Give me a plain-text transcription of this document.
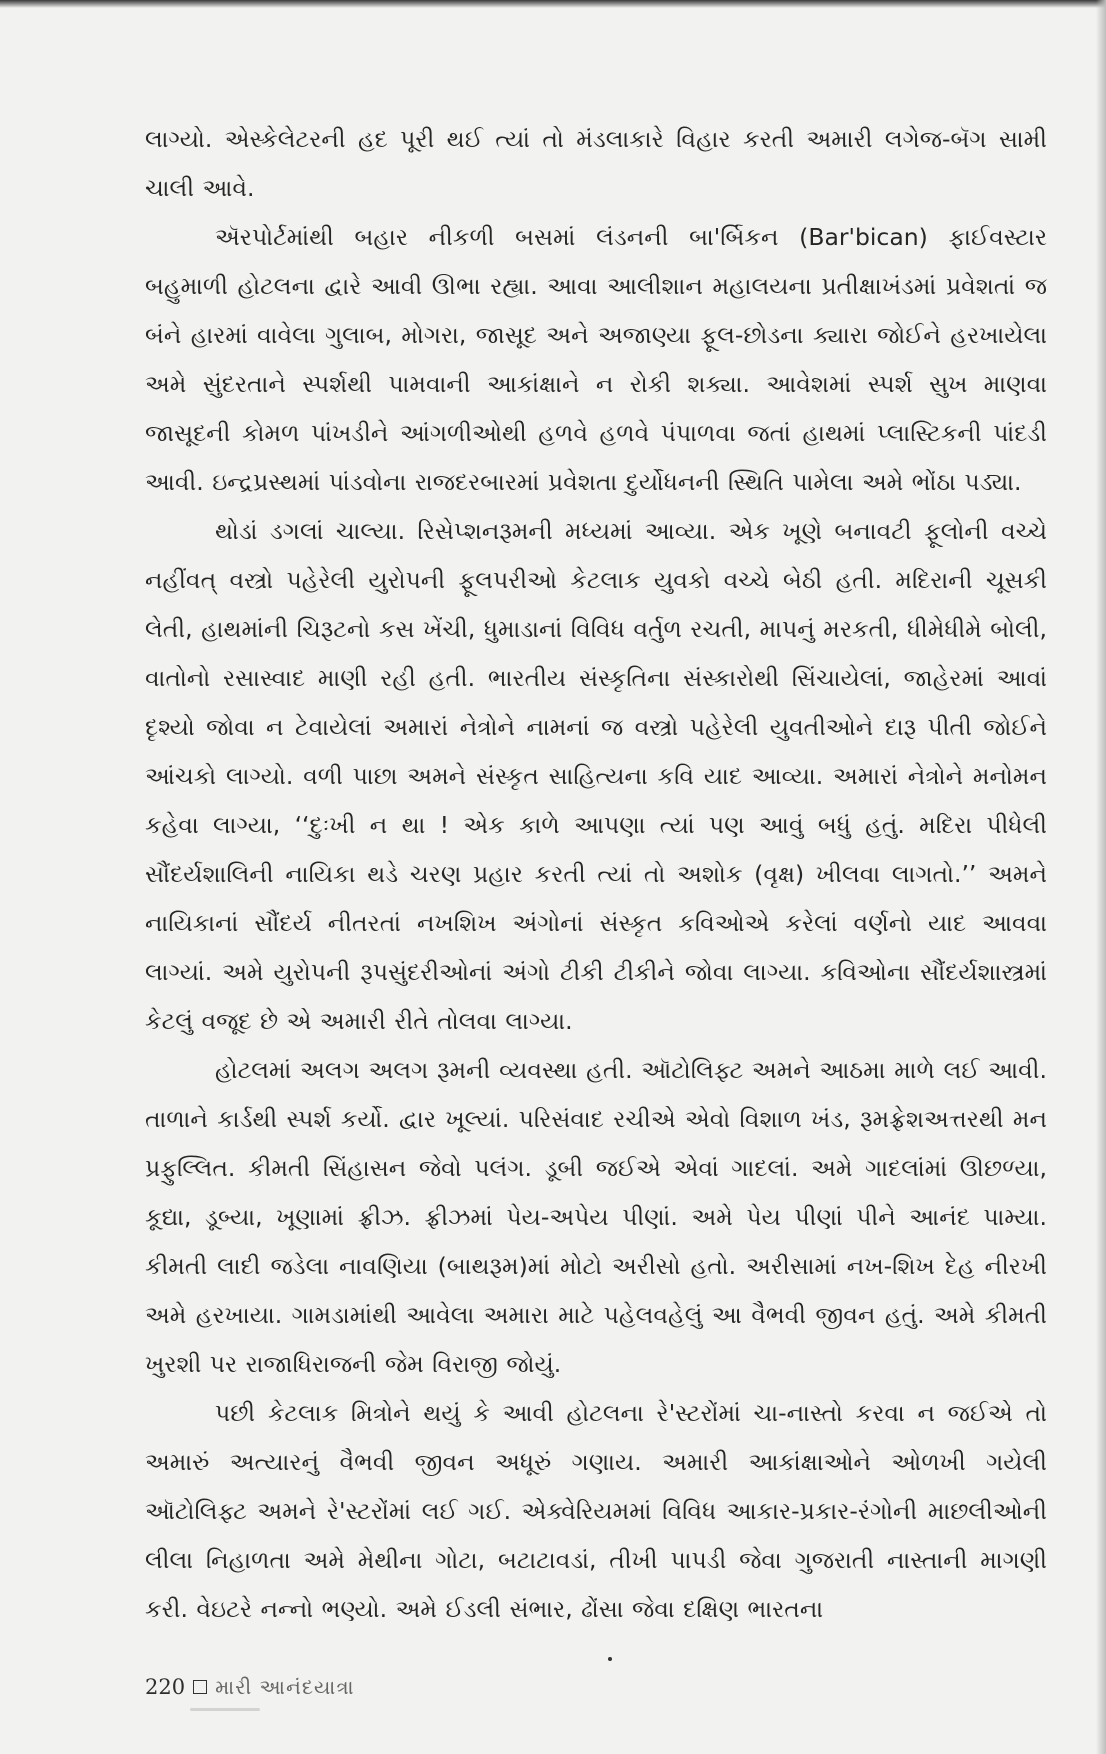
લાગ્યો. એસ્કેલેટરની હદ પૂરી થઈ ત્યાં તો મંડલાકારે વિહાર કરતી અમારી લગેજ-બૅગ સામી ચાલી આવે.

ઍરપોર્ટમાંથી બહાર નીકળી બસમાં લંડનની બા'ર્બિકન (Bar'bican) ફાઈવસ્ટાર બહુમાળી હોટલના દ્વારે આવી ઊભા રહ્યા. આવા આલીશાન મહાલયના પ્રતીક્ષાખંડમાં પ્રવેશતાં જ બંને હારમાં વાવેલા ગુલાબ, મોગરા, જાસૂદ અને અજાણ્યા ફૂલ-છોડના ક્યારા જોઈને હરખાયેલા અમે સુંદરતાને સ્પર્શથી પામવાની આકાંક્ષાને ન રોકી શક્યા. આવેશમાં સ્પર્શ સુખ માણવા જાસૂદની કોમળ પાંખડીને આંગળીઓથી હળવે હળવે પંપાળવા જતાં હાથમાં પ્લાસ્ટિકની પાંદડી આવી. ઇન્દ્રપ્રસ્થમાં પાંડવોના રાજદરબારમાં પ્રવેશતા દુર્યોધનની સ્થિતિ પામેલા અમે ભોંઠા પડ્યા.

થોડાં ડગલાં ચાલ્યા. રિસેપ્શનરૂમની મધ્યમાં આવ્યા. એક ખૂણે બનાવટી ફૂલોની વચ્ચે નહીંવત્ વસ્ત્રો પહેરેલી યુરોપની ફૂલપરીઓ કેટલાક યુવકો વચ્ચે બેઠી હતી. મદિરાની ચૂસકી લેતી, હાથમાંની ચિરૂટનો કસ ખેંચી, ધુમાડાનાં વિવિધ વર્તુળ રચતી, માપનું મરકતી, ધીમેધીમે બોલી, વાતોનો રસાસ્વાદ માણી રહી હતી. ભારતીય સંસ્કૃતિના સંસ્કારોથી સિંચાયેલાં, જાહેરમાં આવાં દૃશ્યો જોવા ન ટેવાયેલાં અમારાં નેત્રોને નામનાં જ વસ્ત્રો પહેરેલી યુવતીઓને દારૂ પીતી જોઈને આંચકો લાગ્યો. વળી પાછા અમને સંસ્કૃત સાહિત્યના કવિ યાદ આવ્યા. અમારાં નેત્રોને મનોમન કહેવા લાગ્યા, ‘‘દુઃખી ન થા ! એક કાળે આપણા ત્યાં પણ આવું બધું હતું. મદિરા પીધેલી સૌંદર્યશાલિની નાયિકા થડે ચરણ પ્રહાર કરતી ત્યાં તો અશોક (વૃક્ષ) ખીલવા લાગતો.’’ અમને નાયિકાનાં સૌંદર્ય નીતરતાં નખશિખ અંગોનાં સંસ્કૃત કવિઓએ કરેલાં વર્ણનો યાદ આવવા લાગ્યાં. અમે યુરોપની રૂપસુંદરીઓનાં અંગો ટીકી ટીકીને જોવા લાગ્યા. કવિઓના સૌંદર્યશાસ્ત્રમાં કેટલું વજૂદ છે એ અમારી રીતે તોલવા લાગ્યા.

હોટલમાં અલગ અલગ રૂમની વ્યવસ્થા હતી. ઑટોલિફ્ટ અમને આઠમા માળે લઈ આવી. તાળાને કાર્ડથી સ્પર્શ કર્યો. દ્વાર ખૂલ્યાં. પરિસંવાદ રચીએ એવો વિશાળ ખંડ, રૂમફ્રેશઅત્તરથી મન પ્રફુલ્લિત. કીમતી સિંહાસન જેવો પલંગ. ડૂબી જઈએ એવાં ગાદલાં. અમે ગાદલાંમાં ઊછળ્યા, કૂદ્યા, ડૂબ્યા, ખૂણામાં ફ્રીઝ. ફ્રીઝમાં પેય-અપેય પીણાં. અમે પેય પીણાં પીને આનંદ પામ્યા. કીમતી લાદી જડેલા નાવણિયા (બાથરૂમ)માં મોટો અરીસો હતો. અરીસામાં નખ-શિખ દેહ નીરખી અમે હરખાયા. ગામડામાંથી આવેલા અમારા માટે પહેલવહેલું આ વૈભવી જીવન હતું. અમે કીમતી ખુરશી પર રાજાધિરાજની જેમ વિરાજી જોયું.

પછી કેટલાક મિત્રોને થયું કે આવી હોટલના રે'સ્ટરોંમાં ચા-નાસ્તો કરવા ન જઈએ તો અમારું અત્યારનું વૈભવી જીવન અધૂરું ગણાય. અમારી આકાંક્ષાઓને ઓળખી ગયેલી ઑટોલિફ્ટ અમને રે'સ્ટરોંમાં લઈ ગઈ. એક્વેરિયમમાં વિવિધ આકાર-પ્રકાર-રંગોની માછલીઓની લીલા નિહાળતા અમે મેથીના ગોટા, બટાટાવડાં, તીખી પાપડી જેવા ગુજરાતી નાસ્તાની માગણી કરી. વેઇટરે નન્નો ભણ્યો. અમે ઈડલી સંભાર, ઢોંસા જેવા દક્ષિણ ભારતના

220 મારી આનંદયાત્રા
